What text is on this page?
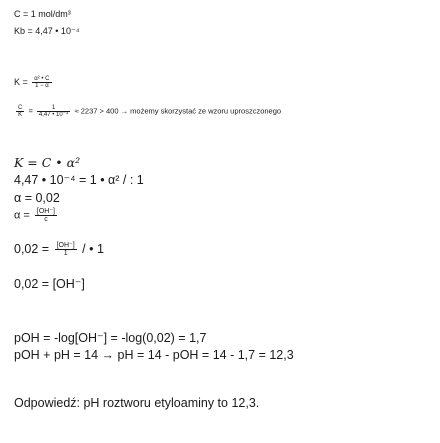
C = 1 mol/dm³
Kb = 4,47 • 10⁻⁴
$K = \frac{\text{α² • C}}{1 - \alpha}$
$\frac{C}{K} = \frac{1}{\text{4,47 • 10⁻⁴}} \approx 2237 > 400$ → możemy skorzystać ze wzoru uproszczonego
K = C • α²
4,47 • 10⁻⁴ = 1 • α² / : 1
α = 0,02
$\alpha = \frac{[OH^-]}{c}$
$0,02 = \frac{[OH^-]}{1}$ / • 1
0,02 = [OH⁻]
pOH = -log[OH⁻] = -log(0,02) = 1,7
pOH + pH = 14 → pH = 14 - pOH = 14 - 1,7 = 12,3
Odpowiedź: pH roztworu etyloaminy to 12,3.
